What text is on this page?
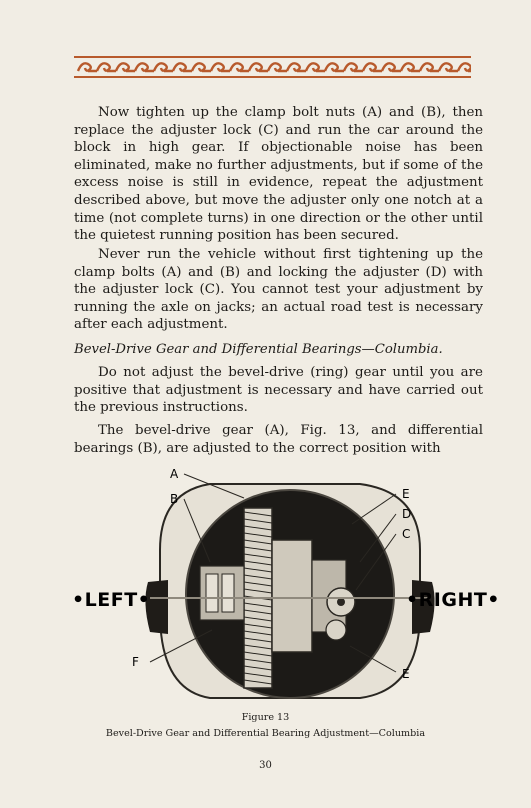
Now tighten up the clamp bolt nuts (A) and (B), then replace the adjuster lock (C) and run the car around the block in high gear. If objectionable noise has been eliminated, make no further adjustments, but if some of the excess noise is still in evidence, repeat the adjustment described above, but move the adjuster only one notch at a time (not complete turns) in one direction or the other until the quietest running position has been secured.

Never run the vehicle without first tightening up the clamp bolts (A) and (B) and locking the adjuster (D) with the adjuster lock (C). You cannot test your adjustment by running the axle on jacks; an actual road test is necessary after each adjustment.

Bevel-Drive Gear and Differential Bearings—Columbia.

Do not adjust the bevel-drive (ring) gear until you are positive that adjustment is necessary and have carried out the previous instructions.

The bevel-drive gear (A), Fig. 13, and differential bearings (B), are adjusted to the correct position with

A
B	E
D
C
F
E
•LEFT•	•RIGHT•
Figure 13
Bevel-Drive Gear and Differential Bearing Adjustment—Columbia
30
